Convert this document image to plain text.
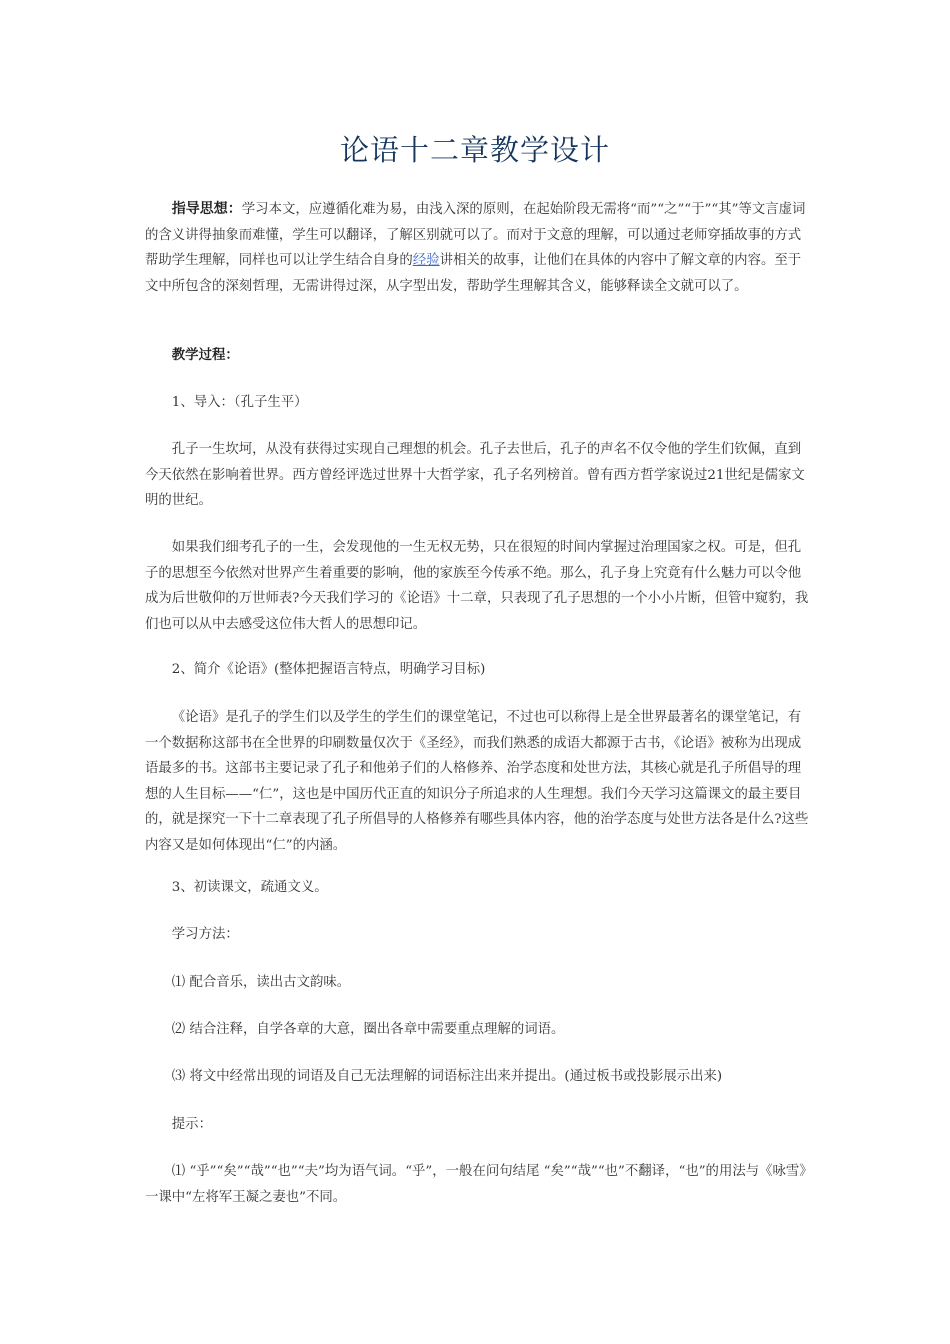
论语十二章教学设计

指导思想：学习本文，应遵循化难为易，由浅入深的原则，在起始阶段无需将“而”“之”“于”“其”等文言虚词的含义讲得抽象而难懂，学生可以翻译，了解区别就可以了。而对于文意的理解，可以通过老师穿插故事的方式帮助学生理解，同样也可以让学生结合自身的经验讲相关的故事，让他们在具体的内容中了解文章的内容。至于文中所包含的深刻哲理，无需讲得过深，从字型出发，帮助学生理解其含义，能够释读全文就可以了。

教学过程：

1、导入：（孔子生平）

孔子一生坎坷，从没有获得过实现自己理想的机会。孔子去世后，孔子的声名不仅令他的学生们钦佩，直到今天依然在影响着世界。西方曾经评选过世界十大哲学家，孔子名列榜首。曾有西方哲学家说过21世纪是儒家文明的世纪。

如果我们细考孔子的一生，会发现他的一生无权无势，只在很短的时间内掌握过治理国家之权。可是，但孔子的思想至今依然对世界产生着重要的影响，他的家族至今传承不绝。那么，孔子身上究竟有什么魅力可以令他成为后世敬仰的万世师表?今天我们学习的《论语》十二章，只表现了孔子思想的一个小小片断，但管中窥豹，我们也可以从中去感受这位伟大哲人的思想印记。

2、简介《论语》(整体把握语言特点，明确学习目标)

《论语》是孔子的学生们以及学生的学生们的课堂笔记，不过也可以称得上是全世界最著名的课堂笔记，有一个数据称这部书在全世界的印刷数量仅次于《圣经》，而我们熟悉的成语大都源于古书，《论语》被称为出现成语最多的书。这部书主要记录了孔子和他弟子们的人格修养、治学态度和处世方法，其核心就是孔子所倡导的理想的人生目标——“仁”，这也是中国历代正直的知识分子所追求的人生理想。我们今天学习这篇课文的最主要目的，就是探究一下十二章表现了孔子所倡导的人格修养有哪些具体内容，他的治学态度与处世方法各是什么?这些内容又是如何体现出“仁”的内涵。

3、初读课文，疏通文义。

学习方法：

⑴ 配合音乐，读出古文韵味。

⑵ 结合注释，自学各章的大意，圈出各章中需要重点理解的词语。

⑶ 将文中经常出现的词语及自己无法理解的词语标注出来并提出。(通过板书或投影展示出来)

提示：

⑴ “乎”“矣”“哉”“也”“夫”均为语气词。“乎”，一般在问句结尾 “矣”“哉”“也”不翻译，“也”的用法与《咏雪》一课中“左将军王凝之妻也”不同。
